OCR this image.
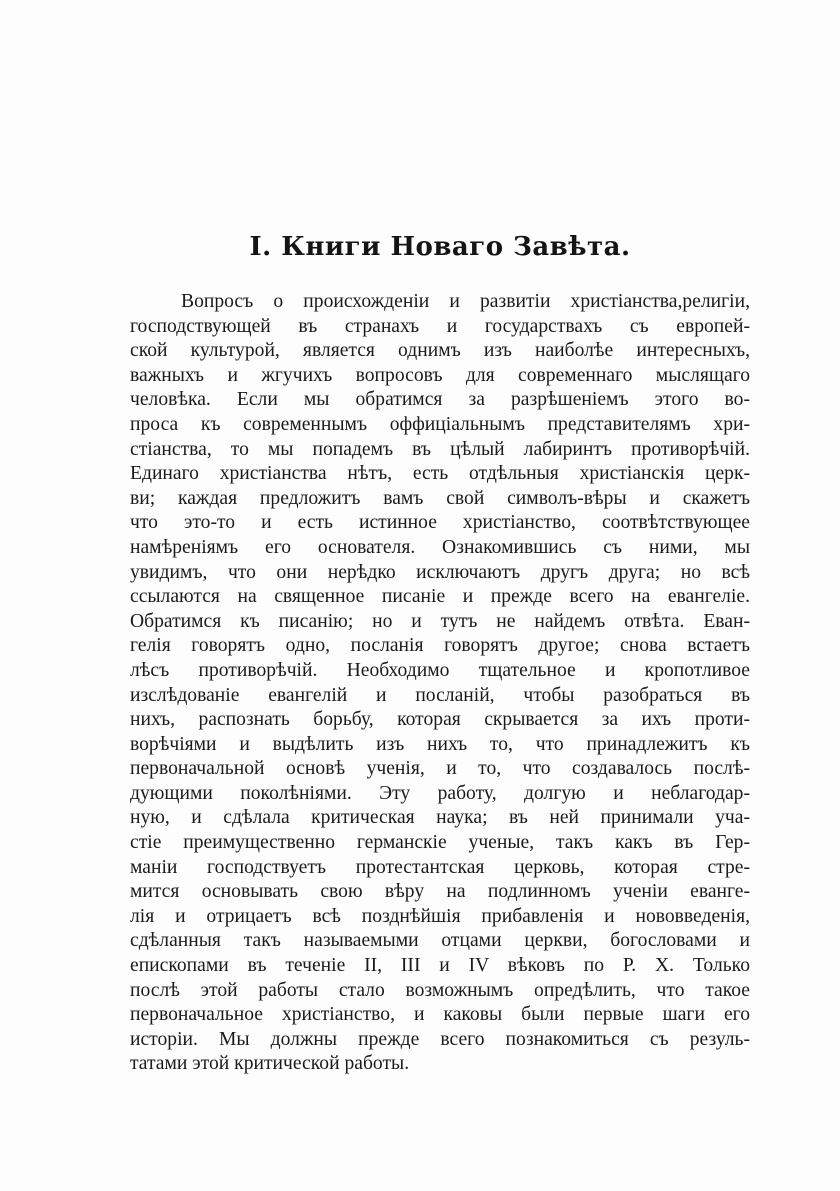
I. Книги Новаго Завѣта.
Вопросъ о происхожденіи и развитіи христіанства,религіи,
господствующей въ странахъ и государствахъ съ европей-
ской культурой, является однимъ изъ наиболѣе интересныхъ,
важныхъ и жгучихъ вопросовъ для современнаго мыслящаго
человѣка. Если мы обратимся за разрѣшеніемъ этого во-
проса къ современнымъ оффиціальнымъ представителямъ хри-
стіанства, то мы попадемъ въ цѣлый лабиринтъ противорѣчій.
Единаго христіанства нѣтъ, есть отдѣльныя христіанскія церк-
ви; каждая предложитъ вамъ свой символъ-вѣры и скажетъ
что это-то и есть истинное христіанство, соотвѣтствующее
намѣреніямъ его основателя. Ознакомившись съ ними, мы
увидимъ, что они нерѣдко исключаютъ другъ друга; но всѣ
ссылаются на священное писаніе и прежде всего на евангеліе.
Обратимся къ писанію; но и тутъ не найдемъ отвѣта. Еван-
гелія говорятъ одно, посланія говорятъ другое; снова встаетъ
лѣсъ противорѣчій. Необходимо тщательное и кропотливое
изслѣдованіе евангелій и посланій, чтобы разобраться въ
нихъ, распознать борьбу, которая скрывается за ихъ проти-
ворѣчіями и выдѣлить изъ нихъ то, что принадлежитъ къ
первоначальной основѣ ученія, и то, что создавалось послѣ-
дующими поколѣніями. Эту работу, долгую и неблагодар-
ную, и сдѣлала критическая наука; въ ней принимали уча-
стіе преимущественно германскіе ученые, такъ какъ въ Гер-
маніи господствуетъ протестантская церковь, которая стре-
мится основывать свою вѣру на подлинномъ ученіи еванге-
лія и отрицаетъ всѣ позднѣйшія прибавленія и нововведенія,
сдѣланныя такъ называемыми отцами церкви, богословами и
епископами въ теченіе II, III и IV вѣковъ по Р. Х. Только
послѣ этой работы стало возможнымъ опредѣлить, что такое
первоначальное христіанство, и каковы были первые шаги его
исторіи. Мы должны прежде всего познакомиться съ резуль-
татами этой критической работы.
